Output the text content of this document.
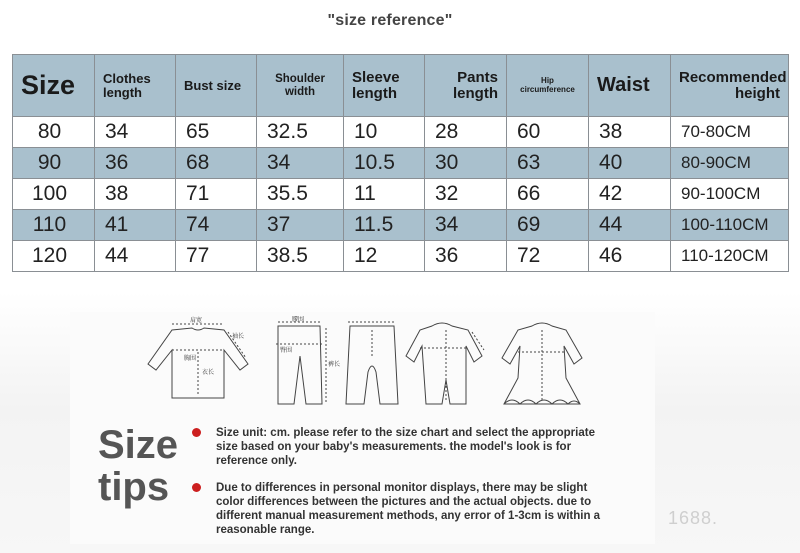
"size reference"
Size	Clothes length	Bust size	Shoulder width	Sleeve length	Pants length	Hip circumference	Waist	Recommended height
80	34	65	32.5	10	28	60	38	70-80CM
90	36	68	34	10.5	30	63	40	80-90CM
100	38	71	35.5	11	32	66	42	90-100CM
110	41	74	37	11.5	34	69	44	100-110CM
120	44	77	38.5	12	36	72	46	110-120CM
肩宽
胸围
衣长
袖长
腰围
臀围
裤长
Size
tips
Size unit: cm. please refer to the size chart and select the appropriate size based on your baby's measurements. the model's look is for reference only.
Due to differences in personal monitor displays, there may be slight color differences between the pictures and the actual objects. due to different manual measurement methods, any error of 1-3cm is within a reasonable range.
1688.
